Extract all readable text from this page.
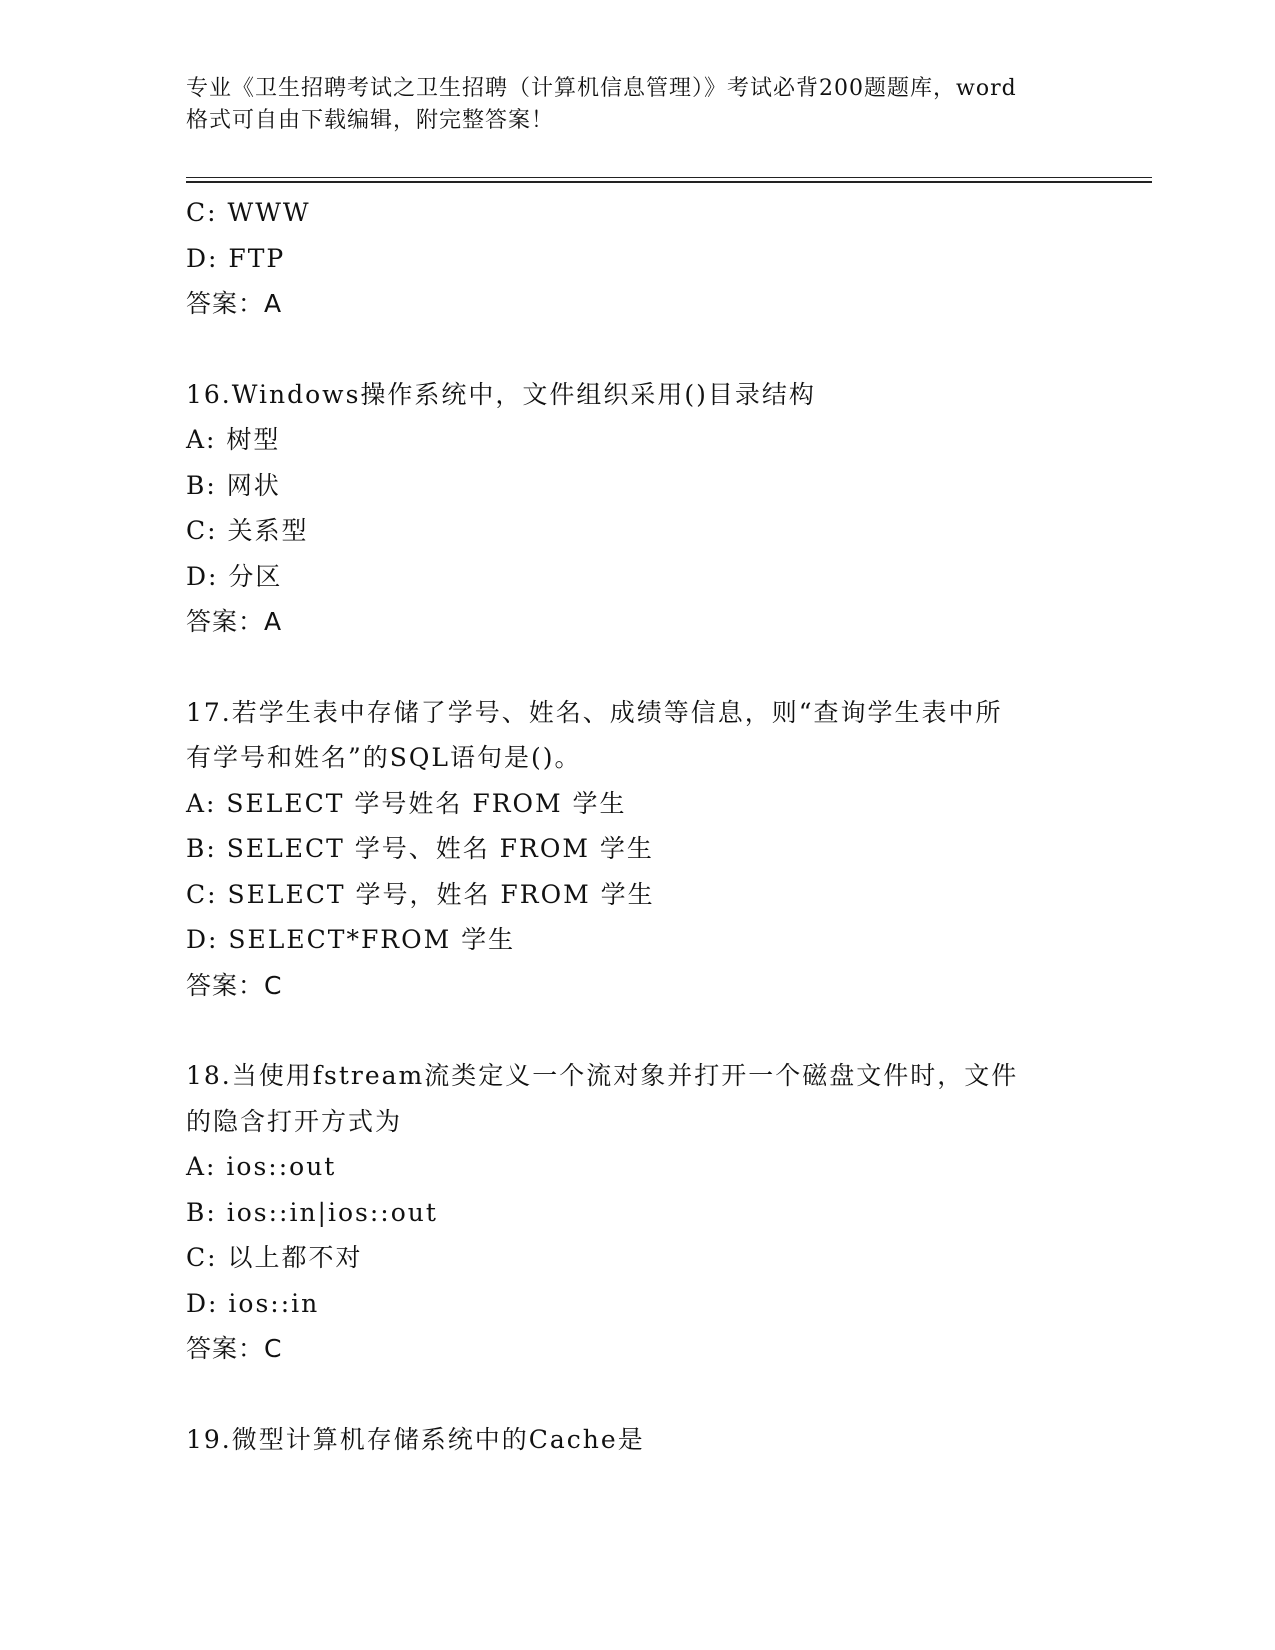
专业《卫生招聘考试之卫生招聘（计算机信息管理）》考试必背200题题库，word
格式可自由下载编辑，附完整答案！
C: WWW
D: FTP
答案：A
16.Windows操作系统中，文件组织采用()目录结构
A: 树型
B: 网状
C: 关系型
D: 分区
答案：A
17.若学生表中存储了学号、姓名、成绩等信息，则“查询学生表中所
有学号和姓名”的SQL语句是()。
A: SELECT 学号姓名 FROM 学生
B: SELECT 学号、姓名 FROM 学生
C: SELECT 学号，姓名 FROM 学生
D: SELECT*FROM 学生
答案：C
18.当使用fstream流类定义一个流对象并打开一个磁盘文件时，文件
的隐含打开方式为
A: ios::out
B: ios::in|ios::out
C: 以上都不对
D: ios::in
答案：C
19.微型计算机存储系统中的Cache是
